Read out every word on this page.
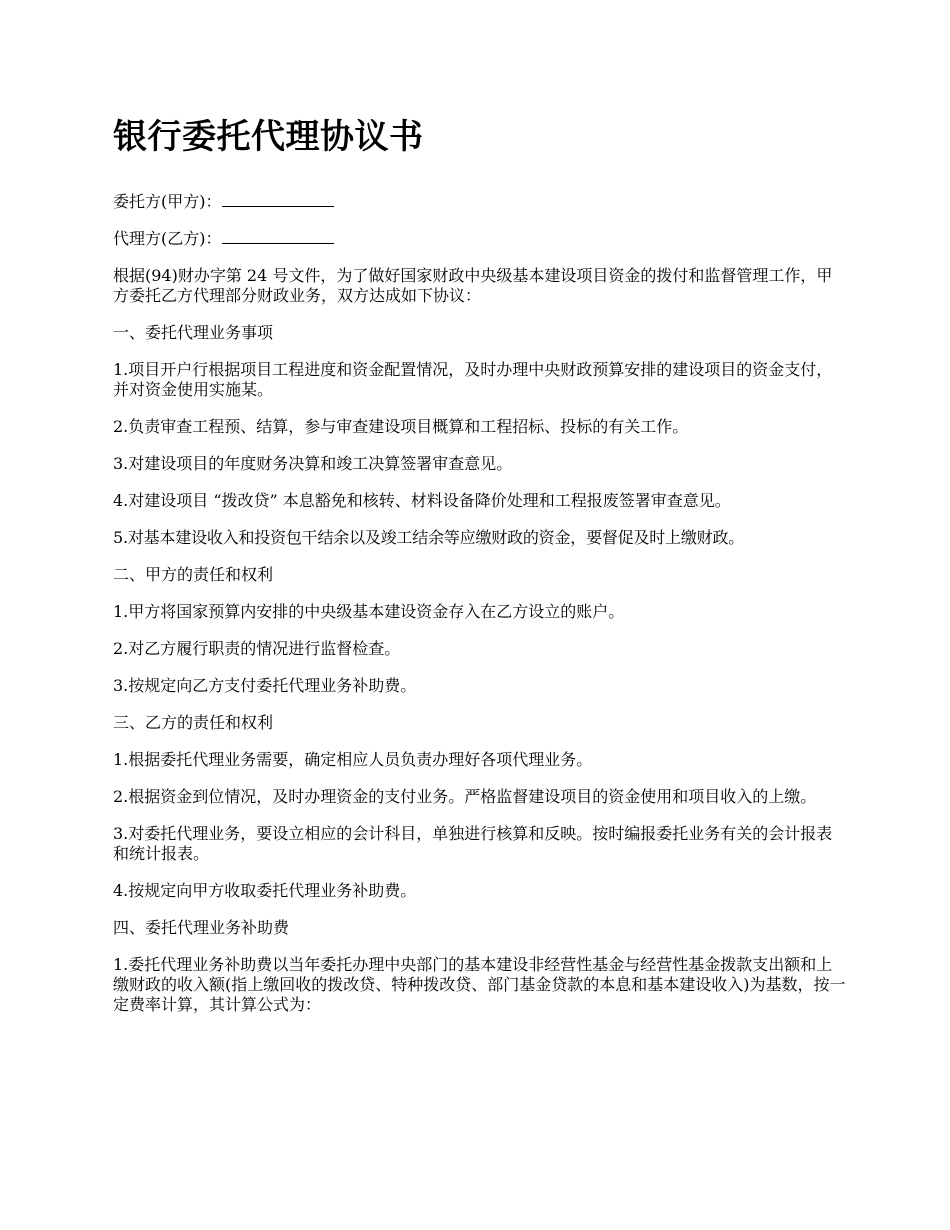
银行委托代理协议书

委托方(甲方)：

代理方(乙方)：

根据(94)财办字第 24 号文件，为了做好国家财政中央级基本建设项目资金的拨付和监督管理工作，甲方委托乙方代理部分财政业务，双方达成如下协议：

一、委托代理业务事项

1.项目开户行根据项目工程进度和资金配置情况，及时办理中央财政预算安排的建设项目的资金支付，并对资金使用实施某。

2.负责审查工程预、结算，参与审查建设项目概算和工程招标、投标的有关工作。

3.对建设项目的年度财务决算和竣工决算签署审查意见。

4.对建设项目 “拨改贷” 本息豁免和核转、材料设备降价处理和工程报废签署审查意见。

5.对基本建设收入和投资包干结余以及竣工结余等应缴财政的资金，要督促及时上缴财政。

二、甲方的责任和权利

1.甲方将国家预算内安排的中央级基本建设资金存入在乙方设立的账户。

2.对乙方履行职责的情况进行监督检查。

3.按规定向乙方支付委托代理业务补助费。

三、乙方的责任和权利

1.根据委托代理业务需要，确定相应人员负责办理好各项代理业务。

2.根据资金到位情况，及时办理资金的支付业务。严格监督建设项目的资金使用和项目收入的上缴。

3.对委托代理业务，要设立相应的会计科目，单独进行核算和反映。按时编报委托业务有关的会计报表和统计报表。

4.按规定向甲方收取委托代理业务补助费。

四、委托代理业务补助费

1.委托代理业务补助费以当年委托办理中央部门的基本建设非经营性基金与经营性基金拨款支出额和上缴财政的收入额(指上缴回收的拨改贷、特种拨改贷、部门基金贷款的本息和基本建设收入)为基数，按一定费率计算，其计算公式为：
